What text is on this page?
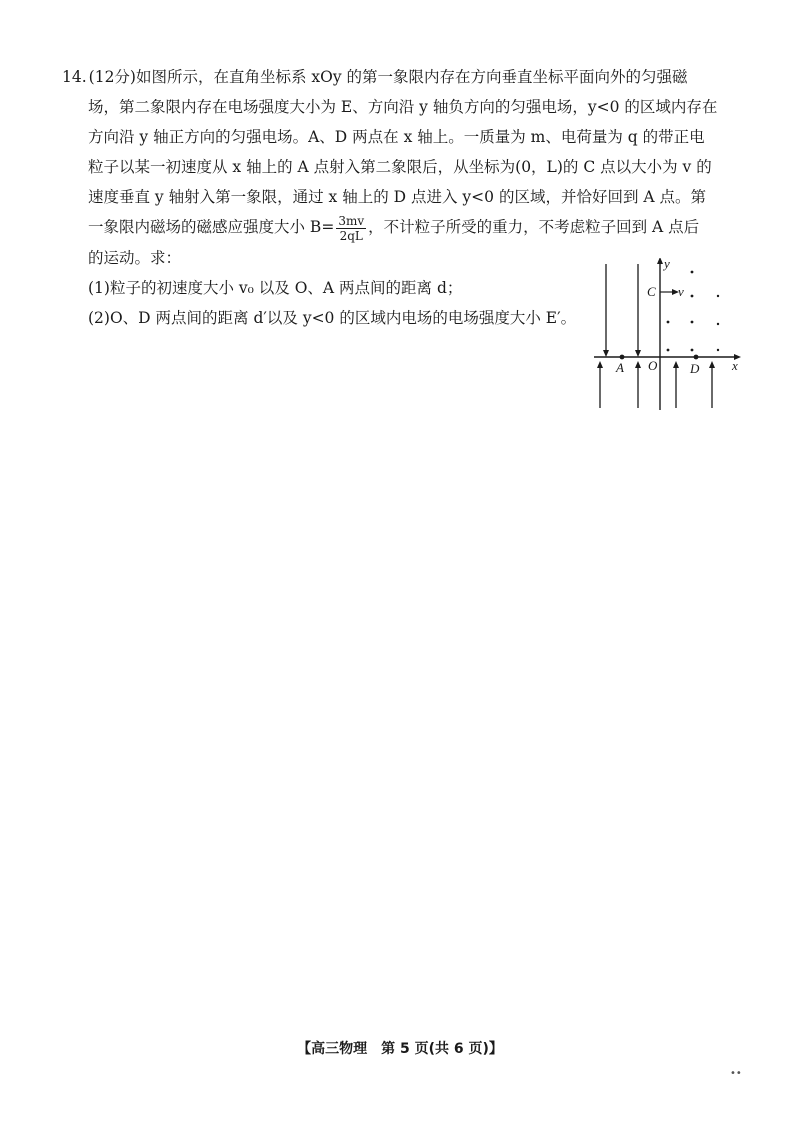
14. (12分)如图所示，在直角坐标系 xOy 的第一象限内存在方向垂直坐标平面向外的匀强磁
场，第二象限内存在电场强度大小为 E、方向沿 y 轴负方向的匀强电场，y<0 的区域内存在
方向沿 y 轴正方向的匀强电场。A、D 两点在 x 轴上。一质量为 m、电荷量为 q 的带正电
粒子以某一初速度从 x 轴上的 A 点射入第二象限后，从坐标为(0，L)的 C 点以大小为 v 的
速度垂直 y 轴射入第一象限，通过 x 轴上的 D 点进入 y<0 的区域，并恰好回到 A 点。第
一象限内磁场的磁感应强度大小 $B= \frac{3mv}{2qL}$ ，不计粒子所受的重力，不考虑粒子回到 A 点后
的运动。求：
(1)粒子的初速度大小 v₀ 以及 O、A 两点间的距离 d；
(2)O、D 两点间的距离 d′以及 y<0 的区域内电场的电场强度大小 E′。
y
x
C v
A O	D
【高三物理　第 5 页(共 6 页)】
••
